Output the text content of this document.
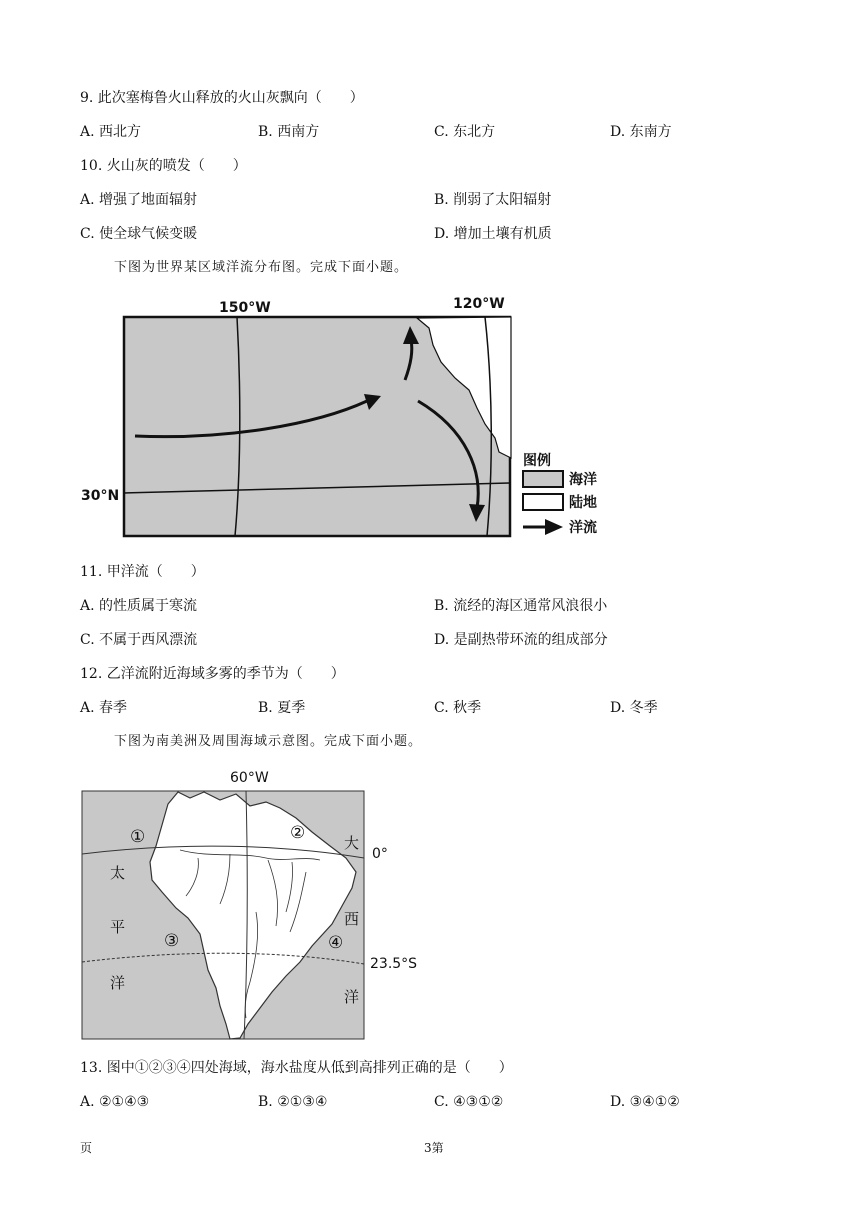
9. 此次塞梅鲁火山释放的火山灰飘向（　　）
A. 西北方	B. 西南方	C. 东北方	D. 东南方
10. 火山灰的喷发（　　）
A. 增强了地面辐射	B. 削弱了太阳辐射
C. 使全球气候变暖	D. 增加土壤有机质
下图为世界某区域洋流分布图。完成下面小题。
150°W	120°W
30°N
图例
海洋
陆地
洋流
11. 甲洋流（　　）
A. 的性质属于寒流	B. 流经的海区通常风浪很小
C. 不属于西风漂流	D. 是副热带环流的组成部分
12. 乙洋流附近海域多雾的季节为（　　）
A. 春季	B. 夏季	C. 秋季	D. 冬季
下图为南美洲及周围海域示意图。完成下面小题。
60°W
0°
23.5°S
①	②
③	④
太
平
洋
大
西
洋
13. 图中①②③④四处海域，海水盐度从低到高排列正确的是（　　）
A. ②①④③	B. ②①③④	C. ④③①②	D. ③④①②
页	3第
